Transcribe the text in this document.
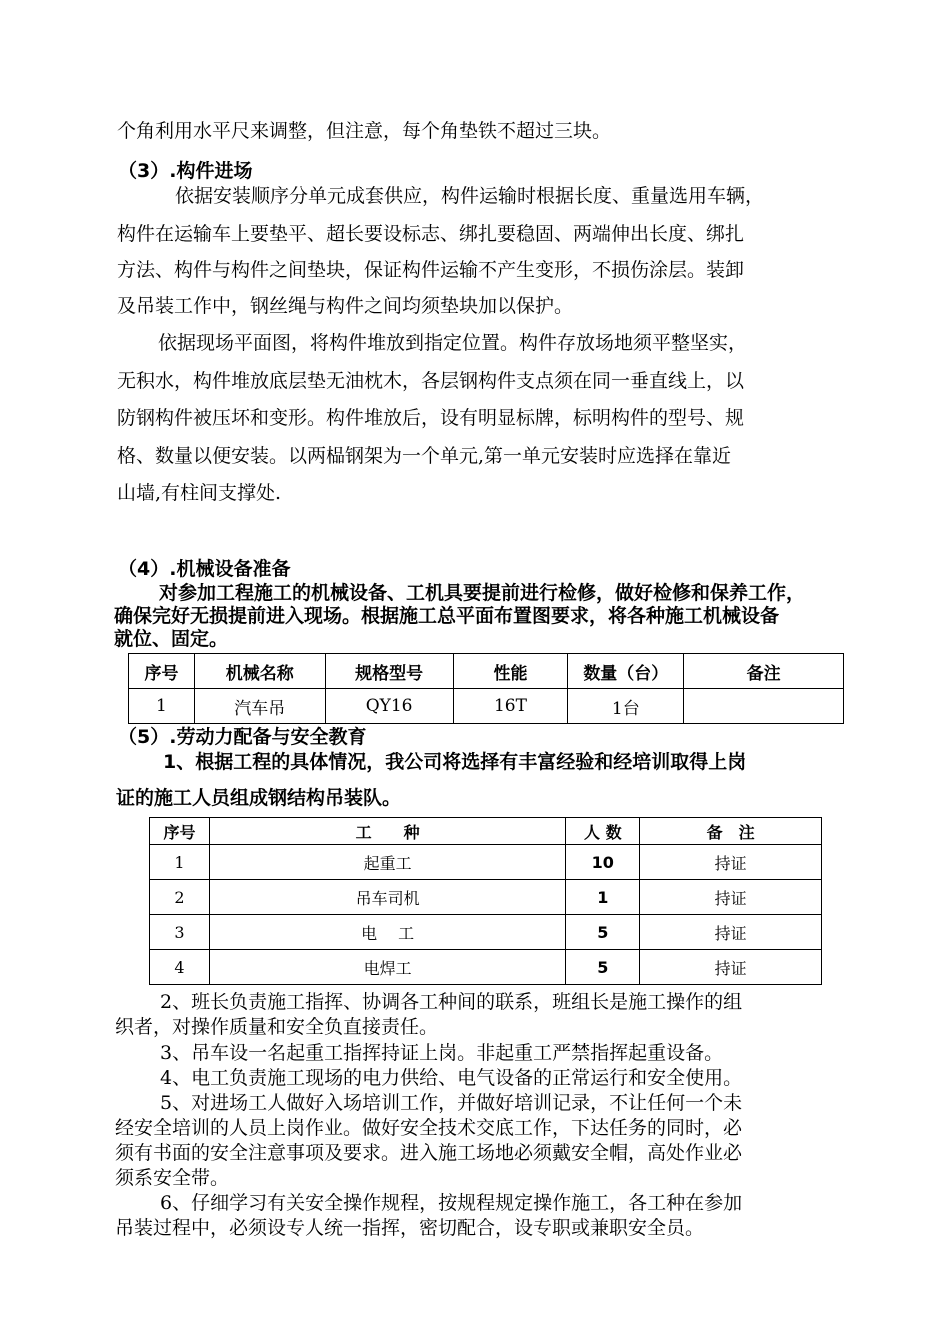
个角利用水平尺来调整，但注意，每个角垫铁不超过三块。
（3）.构件进场
依据安装顺序分单元成套供应，构件运输时根据长度、重量选用车辆，
构件在运输车上要垫平、超长要设标志、绑扎要稳固、两端伸出长度、绑扎
方法、构件与构件之间垫块，保证构件运输不产生变形，不损伤涂层。装卸
及吊装工作中，钢丝绳与构件之间均须垫块加以保护。
依据现场平面图，将构件堆放到指定位置。构件存放场地须平整坚实，
无积水，构件堆放底层垫无油枕木，各层钢构件支点须在同一垂直线上，以
防钢构件被压坏和变形。构件堆放后，设有明显标牌，标明构件的型号、规
格、数量以便安装。以两榀钢架为一个单元,第一单元安装时应选择在靠近
山墙,有柱间支撑处.
（4）.机械设备准备
对参加工程施工的机械设备、工机具要提前进行检修，做好检修和保养工作，
确保完好无损提前进入现场。根据施工总平面布置图要求，将各种施工机械设备
就位、固定。
序号	机械名称	规格型号	性能	数量（台）	备注
1	汽车吊	QY16	16T	1台	
（5）.劳动力配备与安全教育
1、根据工程的具体情况，我公司将选择有丰富经验和经培训取得上岗
证的施工人员组成钢结构吊装队。
序号	工　　种	人 数	备　注
1	起重工	10	持证
2	吊车司机	1	持证
3	电　 工	5	持证
4	电焊工	5	持证
2、班长负责施工指挥、协调各工种间的联系，班组长是施工操作的组
织者，对操作质量和安全负直接责任。
3、吊车设一名起重工指挥持证上岗。非起重工严禁指挥起重设备。
4、电工负责施工现场的电力供给、电气设备的正常运行和安全使用。
5、对进场工人做好入场培训工作，并做好培训记录，不让任何一个未
经安全培训的人员上岗作业。做好安全技术交底工作，下达任务的同时，必
须有书面的安全注意事项及要求。进入施工场地必须戴安全帽，高处作业必
须系安全带。
6、仔细学习有关安全操作规程，按规程规定操作施工，各工种在参加
吊装过程中，必须设专人统一指挥，密切配合，设专职或兼职安全员。
